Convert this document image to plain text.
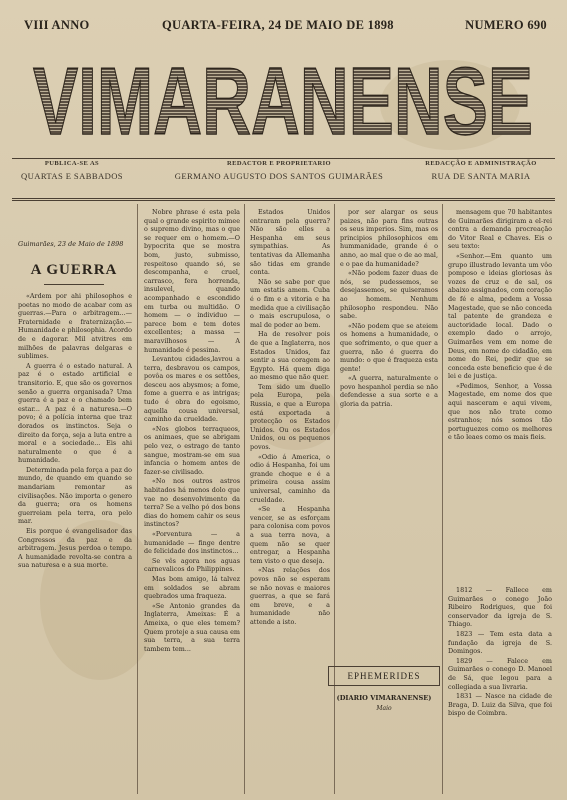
VIII ANNO	QUARTA-FEIRA, 24 DE MAIO DE 1898	NUMERO 690
VIMARANENSE
PUBLICA-SE AS
QUARTAS E SABBADOS
REDACTOR E PROPRIETARIO
GERMANO AUGUSTO DOS SANTOS GUIMARÃES
REDACÇÃO E ADMINISTRAÇÃO
RUA DE SANTA MARIA
Guimarães, 23 de Maio de 1898
A GUERRA

«Ardem por ahi philosophos e poetas no modo de acabar com as guerras.—Para o arbitragem...—Fraternidade e fraternização.—Humanidade e philosophia. Acordo de e dagorar. Mil atvitres em milhões de palavras delgaras e sublimes.

A guerra é o estado natural. A paz é o estado artificial e transitorio. E, que são os governos senão a guerra organisada? Uma guerra é a paz e o chamado bem estar... A paz é a naturesa.—O povo; é a polícia interna que traz dorados os instinctos. Seja o direito da força, seja a luta entre a moral e a sociedade... Eis ahi naturalmente o que é a humanidade.

Determinada pela força a paz do mundo, de quando em quando se mandariam remontar as civilisações. Não importa o genero da guerra; ora os homens guerreiam pela terra, ora pelo mar.

Eis porque é evangelisador das Congressos da paz e da arbitragem. Jesus perdoa o tempo. A humanidade revolta-se contra a sua naturesa e a sua morte.

Nobre phrase é esta pela qual o grande espirito mimee o supremo divino, mas o que se requer em o homem.—O bypocrita que se mostra bom, justo, submisso, respeitoso quando só, se descompanha, e cruel, carrasco, fera horrenda, insulevel, quando acompanhado e escondido em turba ou multidão. O homem — o individuo — parece bom e tem dotes excellentes; a massa — maravilhosos — A humanidade é pessima.

Levantou cidades,lavrou a terra, desbravou os campos, povôa os mares e os settões, desceu aos abysmos; a fome, fome a guerra e as intrigas; tudo é obra do egoismo, aquella cousa universal, caminho da crueldade.

«Nos globos terraqueos, os animaes, que se abrigam pelo vez, o estrago de tanto sangue, mostram-se em sua infancia o homem antes de fazer-se civilisado.

«No nos outros astros habitados há menos dolo que vae no desenvolvimento da terra? Se a velho pó dos bons dias do homem cahir os seus instinctos?

«Porventura — a humanidade — finge dentre de felicidade dos instinctos...

Se vês agora nos aguas carnevalicos do Philippines.

Mas bom amigo, lá talvez em soldados se abram quebrados uma fraqueza.

«Se Antonio grandes da Inglaterra, Ameixas: É a Ameixa, o que eles temem? Quem proteje a sua causa em sua terra, a sua terra tambem tem...

Estados Unidos entraram pela guerra? Não são elles a Hespanha em seus sympathias. As tentativas da Allemanha são tidas em grande conta.

Não se sabe por que um estatis amem. Cuba é o fim e a vitoria e ha medida que a civilisação o mais escrupulosa, o mal de poder ao bem.

Ha de resolver pois de que a Inglaterra, nos Estados Unidos, faz sentir a sua coragem ao Egypto. Há quem diga ao mesmo que não quer.

Tem sido um duello pela Europa, pela Russia, e que a Europa está exportada a protecção os Estados Unidos. Ou os Estados Unidos, ou os pequenos povos.

«Odio á America, o odio á Hespanha, foi um grande choque e é a primeira cousa assim universal, caminho da crueldade.

«Se a Hespanha vencer, se as esforçam para colonisa com povos a sua terra nova, a quem não se quer entregar, a Hespanha tem visto o que deseja.

«Nas relações dos povos não se esperam se não novas e maiores guerras, a que se fará em breve, e a humanidade não attende a isto.

por ser alargar os seus paizes, não para fins outras os seus imperios. Sim, mas os principios philosophicos em hummanidade, grande é o anno, ao mal que o de ao mal, e o pae da humanidade?

«Não podem fazer duas de nós, se pudessemos, se desejassemos, se quiseramos ao homem. Nenhum philosopho respondeu. Não sabe.

«Não podem que se ateiem os homens a humanidade, o que sofrimento, o que quer a guerra, não é guerra do mundo: o que é fraqueza esta gente!

«A guerra, naturalmente o povo hespanhol perdia se não defendesse a sua sorte e a gloria da patria.

mensagem que 70 habitantes de Guimarães dirigiram a el-rei contra a demanda procreação do Vitor Real e Chaves. Eis o seu texto:

«Senhor.—Em quanto um grupo illustrado levanta um vôo pomposo e ideias gloriosas às vozes de cruz e de sal, os abaixo assignados, com coração de fé e alma, pedem a Vossa Magestade, que se não conceda tal patente de grandeza e auctoridade local. Dado o exemplo dado o arrojo, Guimarães vem em nome de Deus, em nome do cidadão, em nome do Rei, pedir que se conceda este beneficio que é de lei e de justiça.

«Pedimos, Senhor, a Vossa Magestade, em nome dos que aqui nasceram e aqui vivem, que nos não trate como estranhos; nós somos tão portuguezes como os melhores e tão leaes como os mais fieis.

EPHEMERIDES
(DIARIO VIMARANENSE)
Maio

1812 — Fallece em Guimarães o conego João Ribeiro Rodrigues, que foi conservador da igreja de S. Thiago.

1823 — Tem esta data a fundação da igreja de S. Domingos.

1829 — Falece em Guimarães o conego D. Manoel de Sá, que legou para a collegiada a sua livraria.

1831 — Nasce na cidade de Braga, D. Luiz da Silva, que foi bispo de Coimbra.
